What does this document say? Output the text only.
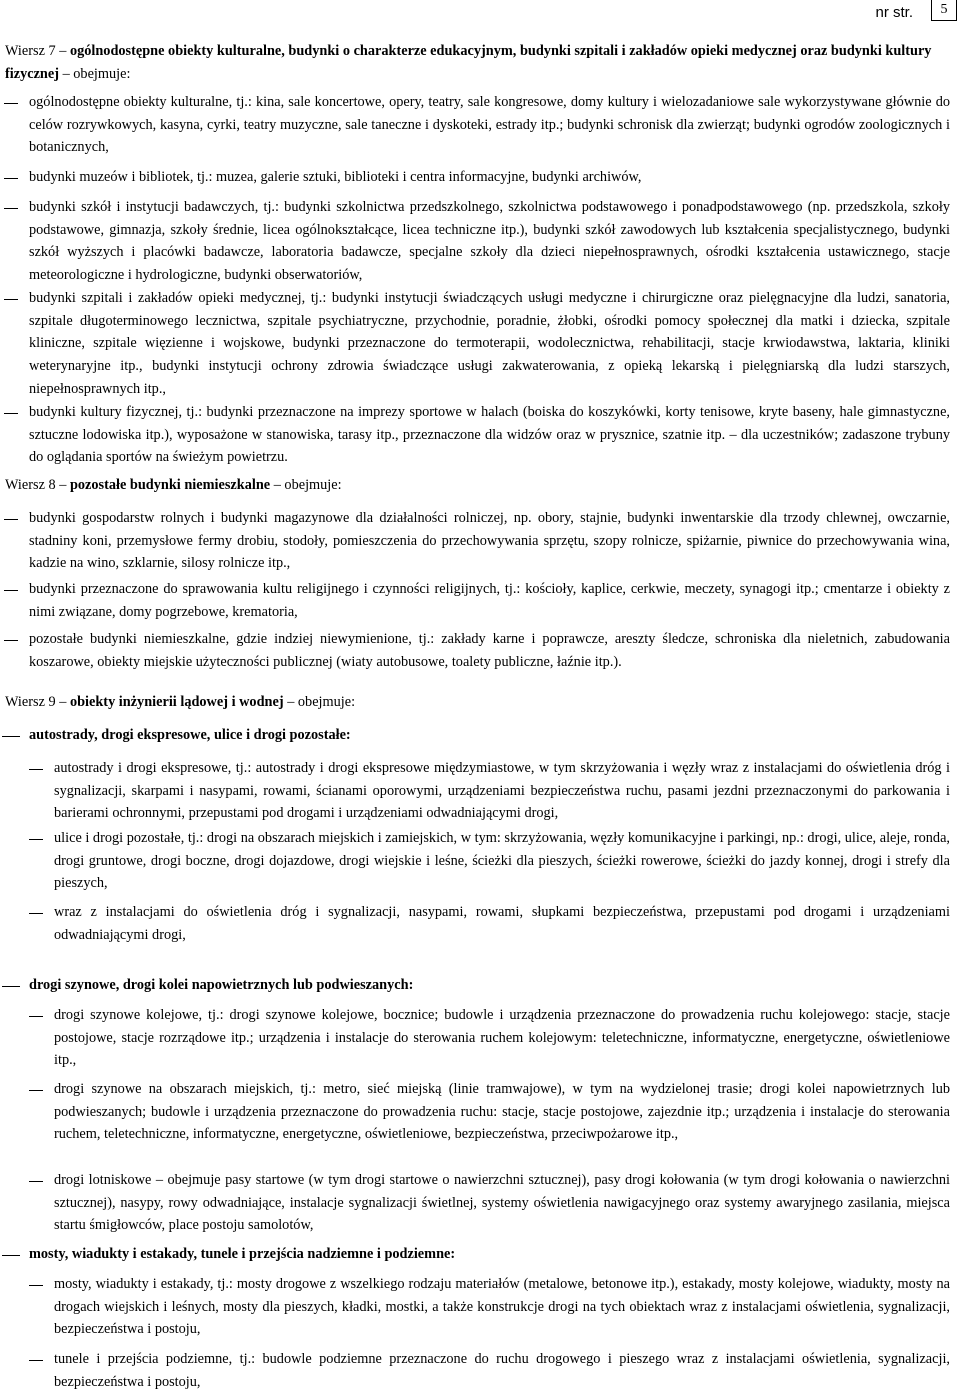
nr str.	5
Wiersz 7 – ogólnodostępne obiekty kulturalne, budynki o charakterze edukacyjnym, budynki szpitali i zakładów opieki medycznej oraz budynki kultury fizycznej – obejmuje:
ogólnodostępne obiekty kulturalne, tj.: kina, sale koncertowe, opery, teatry, sale kongresowe, domy kultury i wielozadaniowe sale wykorzystywane głównie do celów rozrywkowych, kasyna, cyrki, teatry muzyczne, sale taneczne i dyskoteki, estrady itp.; budynki schronisk dla zwierząt; budynki ogrodów zoologicznych i botanicznych,
budynki muzeów i bibliotek, tj.: muzea, galerie sztuki, biblioteki i centra informacyjne, budynki archiwów,
budynki szkół i instytucji badawczych, tj.: budynki szkolnictwa przedszkolnego, szkolnictwa podstawowego i ponadpodstawowego (np. przedszkola, szkoły podstawowe, gimnazja, szkoły średnie, licea ogólnokształcące, licea techniczne itp.), budynki szkół zawodowych lub kształcenia specjalistycznego, budynki szkół wyższych i placówki badawcze, laboratoria badawcze, specjalne szkoły dla dzieci niepełnosprawnych, ośrodki kształcenia ustawicznego, stacje meteorologiczne i hydrologiczne, budynki obserwatoriów,
budynki szpitali i zakładów opieki medycznej, tj.: budynki instytucji świadczących usługi medyczne i chirurgiczne oraz pielęgnacyjne dla ludzi, sanatoria, szpitale długoterminowego lecznictwa, szpitale psychiatryczne, przychodnie, poradnie, żłobki, ośrodki pomocy społecznej dla matki i dziecka, szpitale kliniczne, szpitale więzienne i wojskowe, budynki przeznaczone do termoterapii, wodolecznictwa, rehabilitacji, stacje krwiodawstwa, laktaria, kliniki weterynaryjne itp., budynki instytucji ochrony zdrowia świadczące usługi zakwaterowania, z opieką lekarską i pielęgniarską dla ludzi starszych, niepełnosprawnych itp.,
budynki kultury fizycznej, tj.: budynki przeznaczone na imprezy sportowe w halach (boiska do koszykówki, korty tenisowe, kryte baseny, hale gimnastyczne, sztuczne lodowiska itp.), wyposażone w stanowiska, tarasy itp., przeznaczone dla widzów oraz w prysznice, szatnie itp. – dla uczestników; zadaszone trybuny do oglądania sportów na świeżym powietrzu.
Wiersz 8 – pozostałe budynki niemieszkalne – obejmuje:
budynki gospodarstw rolnych i budynki magazynowe dla działalności rolniczej, np. obory, stajnie, budynki inwentarskie dla trzody chlewnej, owczarnie, stadniny koni, przemysłowe fermy drobiu, stodoły, pomieszczenia do przechowywania sprzętu, szopy rolnicze, spiżarnie, piwnice do przechowywania wina, kadzie na wino, szklarnie, silosy rolnicze itp.,
budynki przeznaczone do sprawowania kultu religijnego i czynności religijnych, tj.: kościoły, kaplice, cerkwie, meczety, synagogi itp.; cmentarze i obiekty z nimi związane, domy pogrzebowe, krematoria,
pozostałe budynki niemieszkalne, gdzie indziej niewymienione, tj.: zakłady karne i poprawcze, areszty śledcze, schroniska dla nieletnich, zabudowania koszarowe, obiekty miejskie użyteczności publicznej (wiaty autobusowe, toalety publiczne, łaźnie itp.).
Wiersz 9 – obiekty inżynierii lądowej i wodnej – obejmuje:
autostrady, drogi ekspresowe, ulice i drogi pozostałe:
autostrady i drogi ekspresowe, tj.: autostrady i drogi ekspresowe międzymiastowe, w tym skrzyżowania i węzły wraz z instalacjami do oświetlenia dróg i sygnalizacji, skarpami i nasypami, rowami, ścianami oporowymi, urządzeniami bezpieczeństwa ruchu, pasami jezdni przeznaczonymi do parkowania i barierami ochronnymi, przepustami pod drogami i urządzeniami odwadniającymi drogi,
ulice i drogi pozostałe, tj.: drogi na obszarach miejskich i zamiejskich, w tym: skrzyżowania, węzły komunikacyjne i parkingi, np.: drogi, ulice, aleje, ronda, drogi gruntowe, drogi boczne, drogi dojazdowe, drogi wiejskie i leśne, ścieżki dla pieszych, ścieżki rowerowe, ścieżki do jazdy konnej, drogi i strefy dla pieszych,
wraz z instalacjami do oświetlenia dróg i sygnalizacji, nasypami, rowami, słupkami bezpieczeństwa, przepustami pod drogami i urządzeniami odwadniającymi drogi,
drogi szynowe, drogi kolei napowietrznych lub podwieszanych:
drogi szynowe kolejowe, tj.: drogi szynowe kolejowe, bocznice; budowle i urządzenia przeznaczone do prowadzenia ruchu kolejowego: stacje, stacje postojowe, stacje rozrządowe itp.; urządzenia i instalacje do sterowania ruchem kolejowym: teletechniczne, informatyczne, energetyczne, oświetleniowe itp.,
drogi szynowe na obszarach miejskich, tj.: metro, sieć miejską (linie tramwajowe), w tym na wydzielonej trasie; drogi kolei napowietrznych lub podwieszanych; budowle i urządzenia przeznaczone do prowadzenia ruchu: stacje, stacje postojowe, zajezdnie itp.; urządzenia i instalacje do sterowania ruchem, teletechniczne, informatyczne, energetyczne, oświetleniowe, bezpieczeństwa, przeciwpożarowe itp.,
drogi lotniskowe – obejmuje pasy startowe (w tym drogi startowe o nawierzchni sztucznej), pasy drogi kołowania (w tym drogi kołowania o nawierzchni sztucznej), nasypy, rowy odwadniające, instalacje sygnalizacji świetlnej, systemy oświetlenia nawigacyjnego oraz systemy awaryjnego zasilania, miejsca startu śmigłowców, place postoju samolotów,
mosty, wiadukty i estakady, tunele i przejścia nadziemne i podziemne:
mosty, wiadukty i estakady, tj.: mosty drogowe z wszelkiego rodzaju materiałów (metalowe, betonowe itp.), estakady, mosty kolejowe, wiadukty, mosty na drogach wiejskich i leśnych, mosty dla pieszych, kładki, mostki, a także konstrukcje drogi na tych obiektach wraz z instalacjami oświetlenia, sygnalizacji, bezpieczeństwa i postoju,
tunele i przejścia podziemne, tj.: budowle podziemne przeznaczone do ruchu drogowego i pieszego wraz z instalacjami oświetlenia, sygnalizacji, bezpieczeństwa i postoju,
